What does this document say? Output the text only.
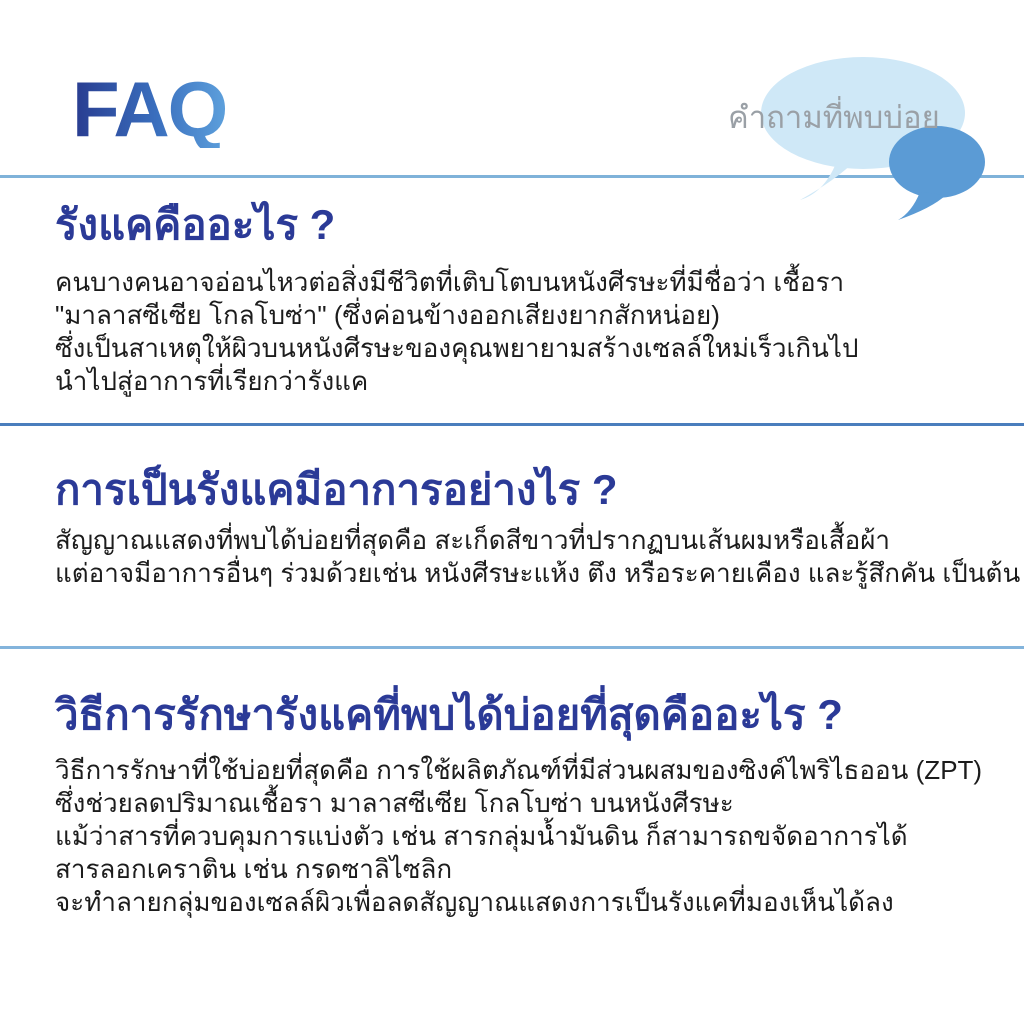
FAQ	คำถามที่พบบ่อย
รังแคคืออะไร ?
คนบางคนอาจอ่อนไหวต่อสิ่งมีชีวิตที่เติบโตบนหนังศีรษะที่มีชื่อว่า เชื้อรา
"มาลาสซีเซีย โกลโบซ่า" (ซึ่งค่อนข้างออกเสียงยากสักหน่อย)
ซึ่งเป็นสาเหตุให้ผิวบนหนังศีรษะของคุณพยายามสร้างเซลล์ใหม่เร็วเกินไป
นำไปสู่อาการที่เรียกว่ารังแค
การเป็นรังแคมีอาการอย่างไร ?
สัญญาณแสดงที่พบได้บ่อยที่สุดคือ สะเก็ดสีขาวที่ปรากฏบนเส้นผมหรือเสื้อผ้า
แต่อาจมีอาการอื่นๆ ร่วมด้วยเช่น หนังศีรษะแห้ง ตึง หรือระคายเคือง และรู้สึกคัน เป็นต้น
วิธีการรักษารังแคที่พบได้บ่อยที่สุดคืออะไร ?
วิธีการรักษาที่ใช้บ่อยที่สุดคือ การใช้ผลิตภัณฑ์ที่มีส่วนผสมของซิงค์ไพริไธออน (ZPT)
ซึ่งช่วยลดปริมาณเชื้อรา มาลาสซีเซีย โกลโบซ่า บนหนังศีรษะ
แม้ว่าสารที่ควบคุมการแบ่งตัว เช่น สารกลุ่มน้ำมันดิน ก็สามารถขจัดอาการได้
สารลอกเคราติน เช่น กรดซาลิไซลิก
จะทำลายกลุ่มของเซลล์ผิวเพื่อลดสัญญาณแสดงการเป็นรังแคที่มองเห็นได้ลง
